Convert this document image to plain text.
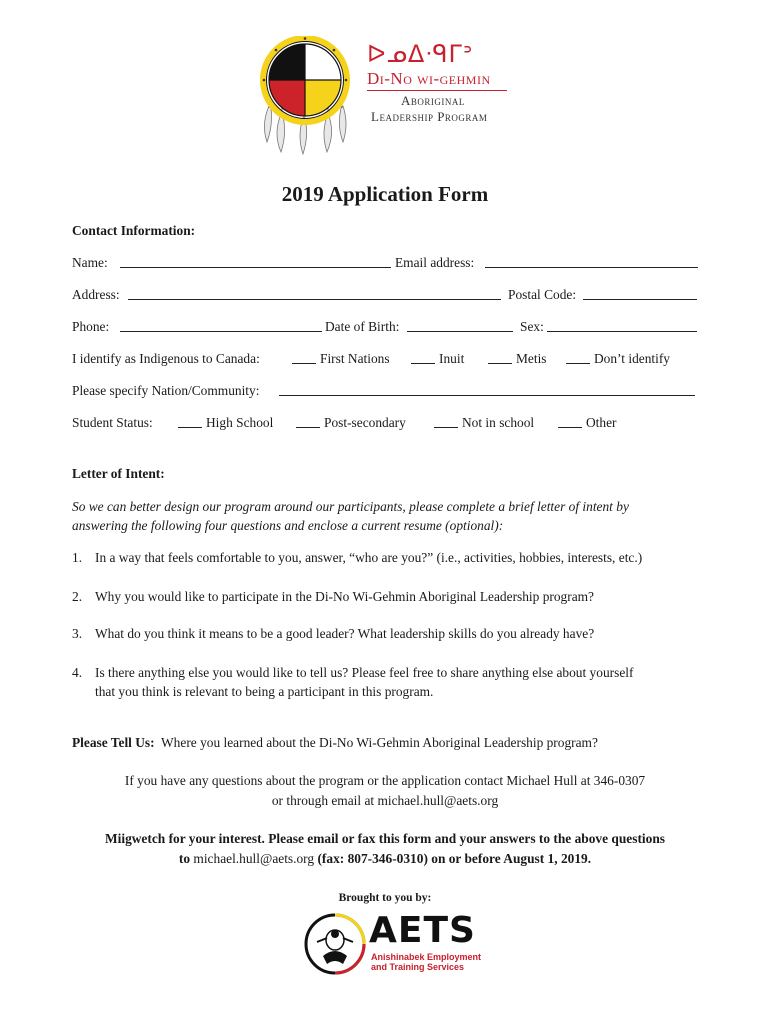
ᐅᓄᐃᐧᑫᒥᐣ
Di-No wi-gehmin
Aboriginal
Leadership Program
2019 Application Form
Contact Information:
Name:	Email address:
Address:	Postal Code:
Phone:	Date of Birth:	Sex:
I identify as Indigenous to Canada:	First Nations	Inuit	Metis	Don’t identify
Please specify Nation/Community:
Student Status:	High School	Post-secondary	Not in school	Other
Letter of Intent:
So we can better design our program around our participants, please complete a brief letter of intent by
answering the following four questions and enclose a current resume (optional):
1. In a way that feels comfortable to you, answer, “who are you?” (i.e., activities, hobbies, interests, etc.)
2. Why you would like to participate in the Di-No Wi-Gehmin Aboriginal Leadership program?
3. What do you think it means to be a good leader? What leadership skills do you already have?
4. Is there anything else you would like to tell us? Please feel free to share anything else about yourself
that you think is relevant to being a participant in this program.
Please Tell Us: Where you learned about the Di-No Wi-Gehmin Aboriginal Leadership program?
If you have any questions about the program or the application contact Michael Hull at 346-0307
or through email at michael.hull@aets.org
Miigwetch for your interest. Please email or fax this form and your answers to the above questions
to michael.hull@aets.org (fax: 807-346-0310) on or before August 1, 2019.
Brought to you by:
AETS
Anishinabek Employment
and Training Services
